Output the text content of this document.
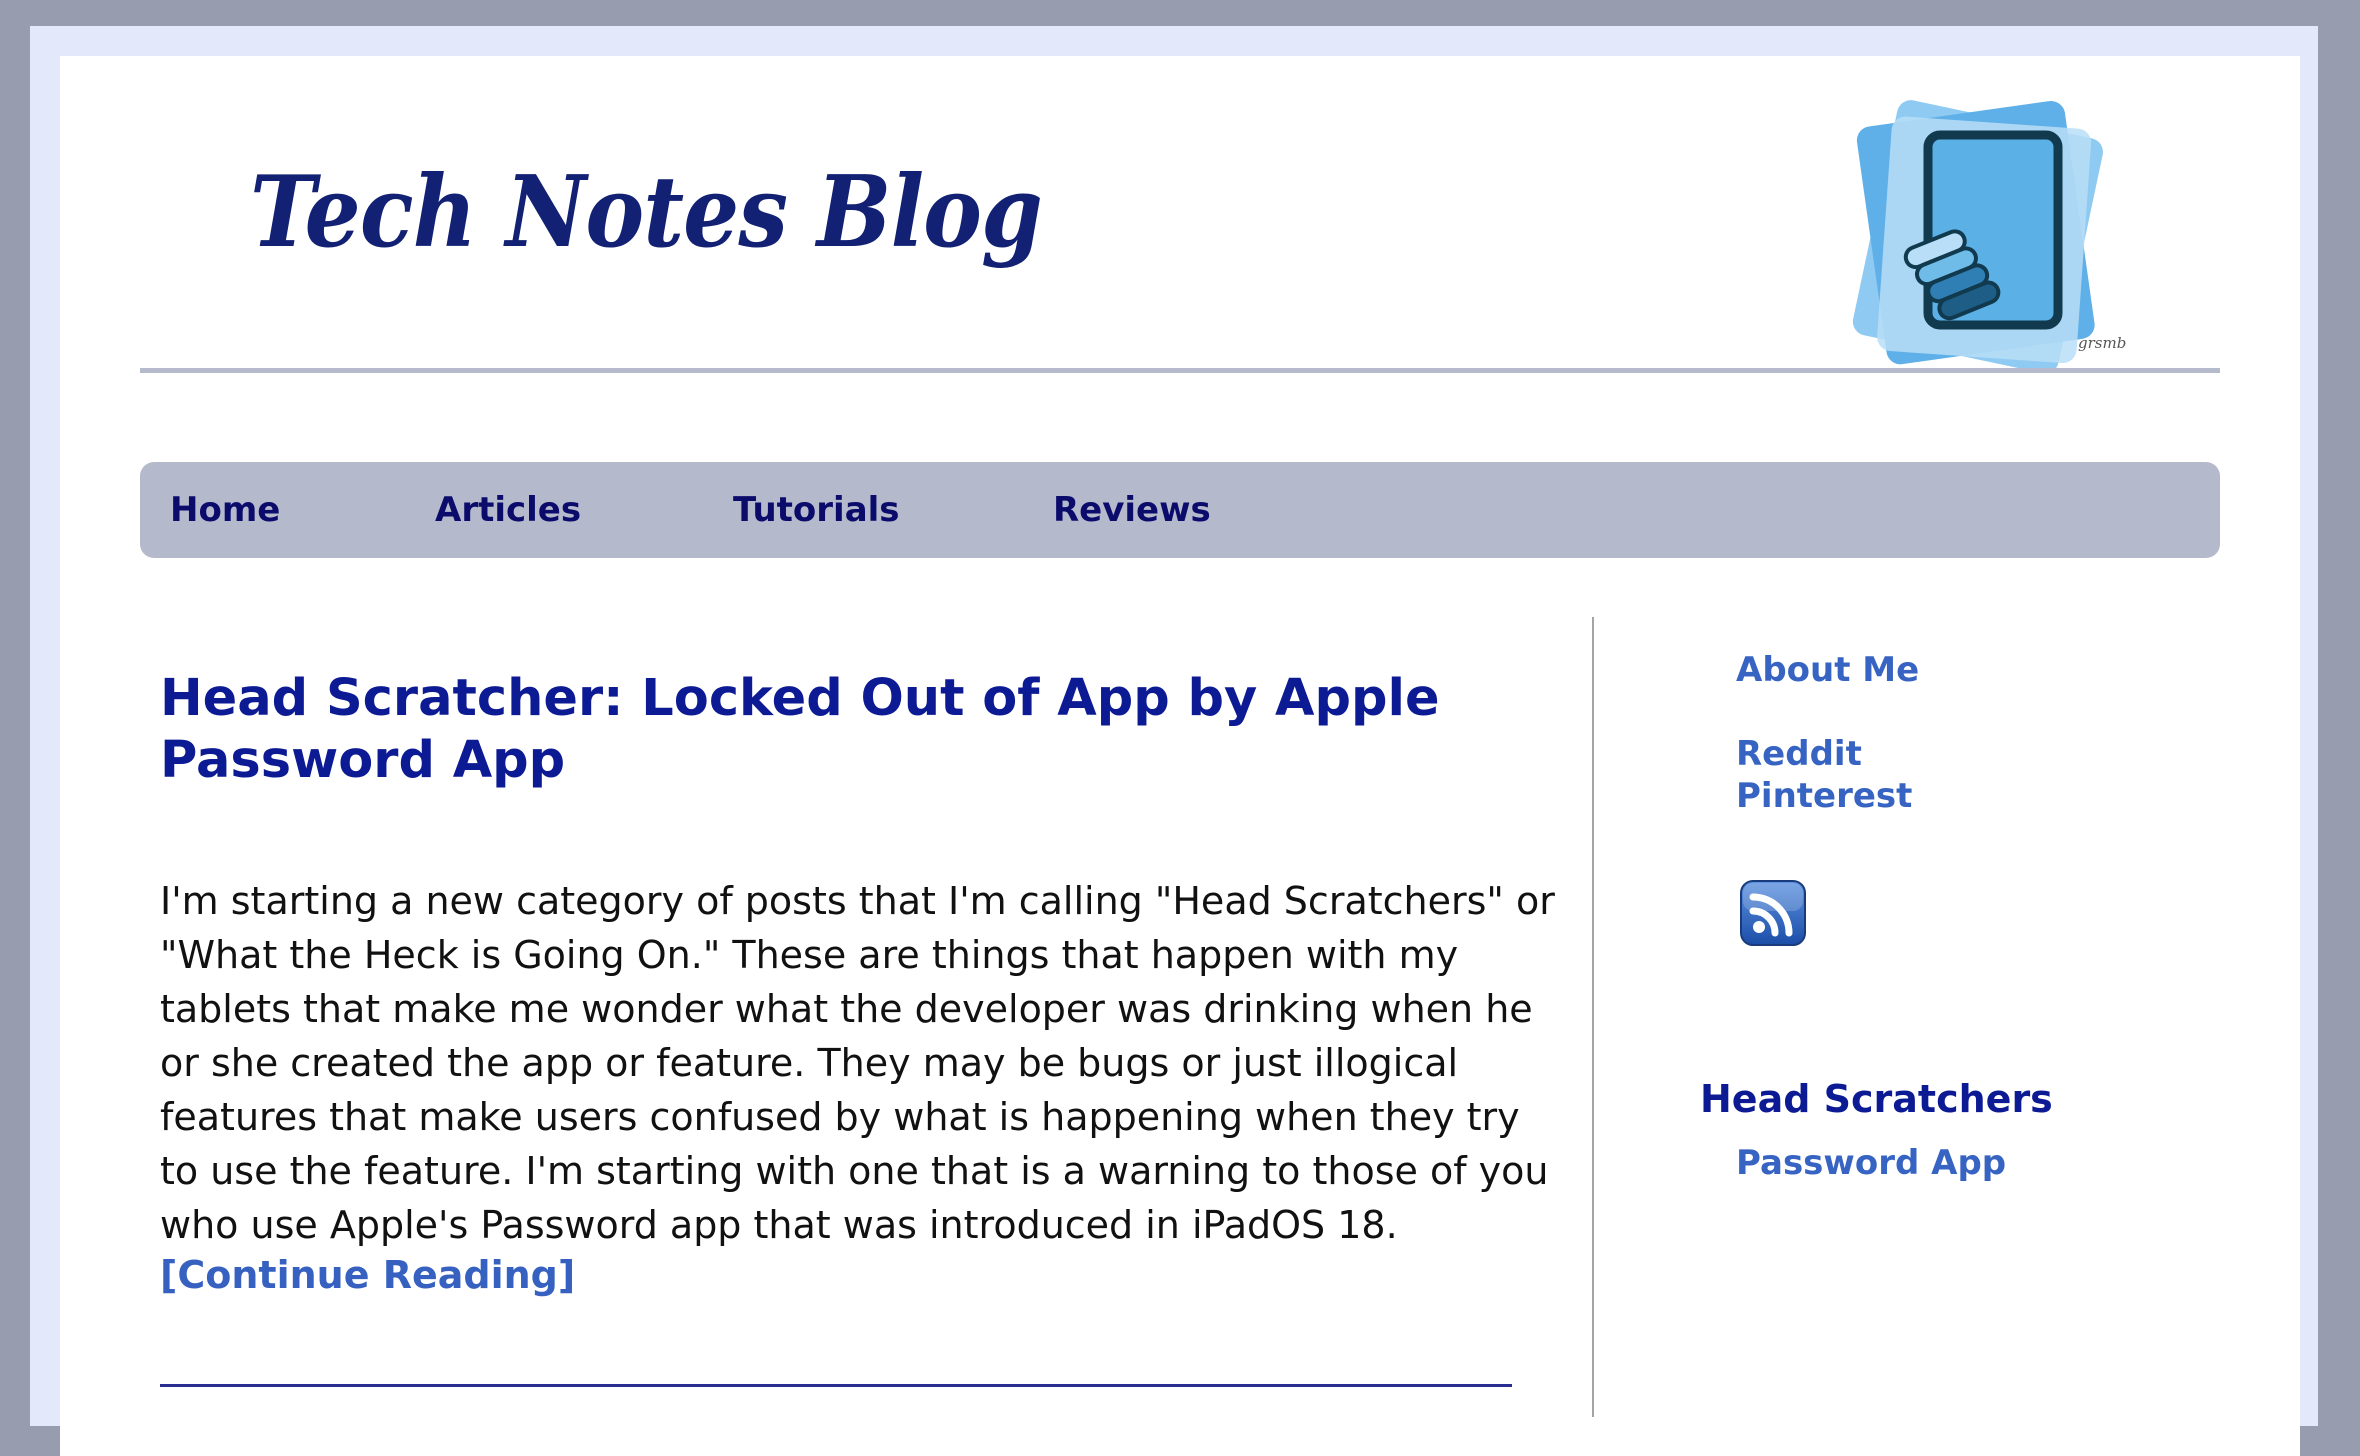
Tech Notes Blog
grsmb
Home	Articles	Tutorials	Reviews
Head Scratcher: Locked Out of App by Apple Password App
I'm starting a new category of posts that I'm calling "Head Scratchers" or "What the Heck is Going On." These are things that happen with my tablets that make me wonder what the developer was drinking when he or she created the app or feature. They may be bugs or just illogical features that make users confused by what is happening when they try to use the feature. I'm starting with one that is a warning to those of you who use Apple's Password app that was introduced in iPadOS 18.
[Continue Reading]
About Me
Reddit
Pinterest
Head Scratchers
Password App
